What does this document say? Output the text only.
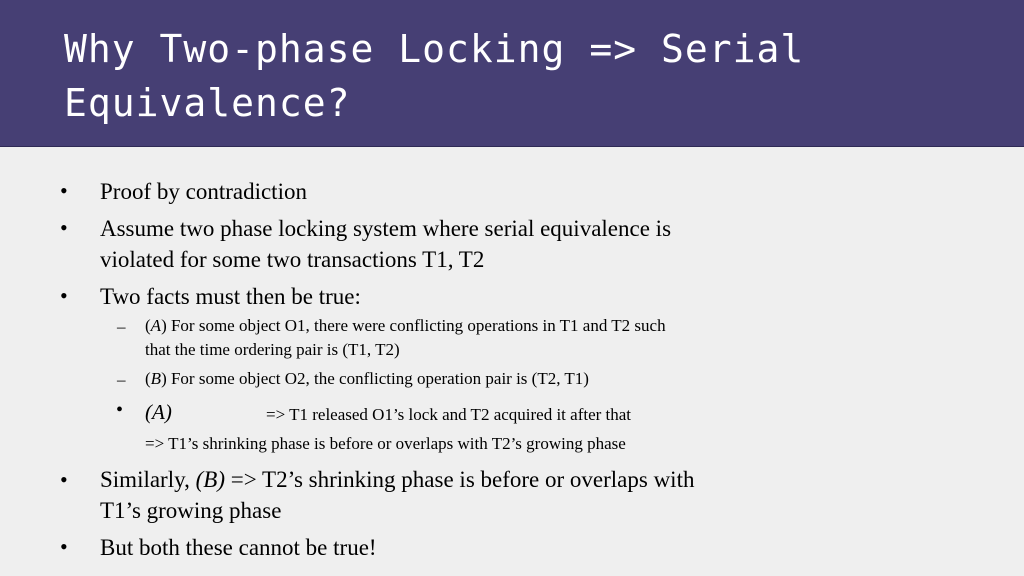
Why Two-phase Locking => Serial Equivalence?
• Proof by contradiction

• Assume two phase locking system where serial equivalence is
violated for some two transactions T1, T2

• Two facts must then be true:

– (A) For some object O1, there were conflicting operations in T1 and T2 such
that the time ordering pair is (T1, T2)

– (B) For some object O2, the conflicting operation pair is (T2, T1)

• (A)	=> T1 released O1’s lock and T2 acquired it after that
=> T1’s shrinking phase is before or overlaps with T2’s growing phase
• Similarly, (B) => T2’s shrinking phase is before or overlaps with
T1’s growing phase

• But both these cannot be true!
